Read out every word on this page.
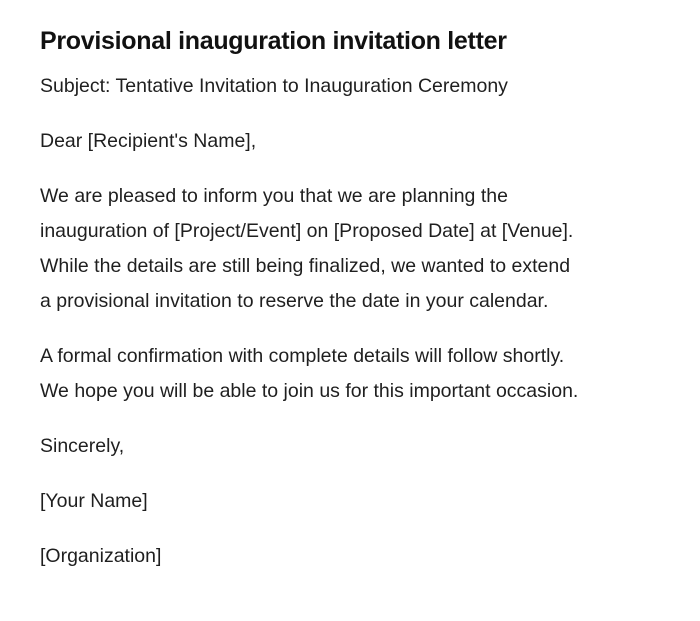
Provisional inauguration invitation letter

Subject: Tentative Invitation to Inauguration Ceremony

Dear [Recipient's Name],

We are pleased to inform you that we are planning the
inauguration of [Project/Event] on [Proposed Date] at [Venue].
While the details are still being finalized, we wanted to extend
a provisional invitation to reserve the date in your calendar.

A formal confirmation with complete details will follow shortly.
We hope you will be able to join us for this important occasion.

Sincerely,

[Your Name]

[Organization]
